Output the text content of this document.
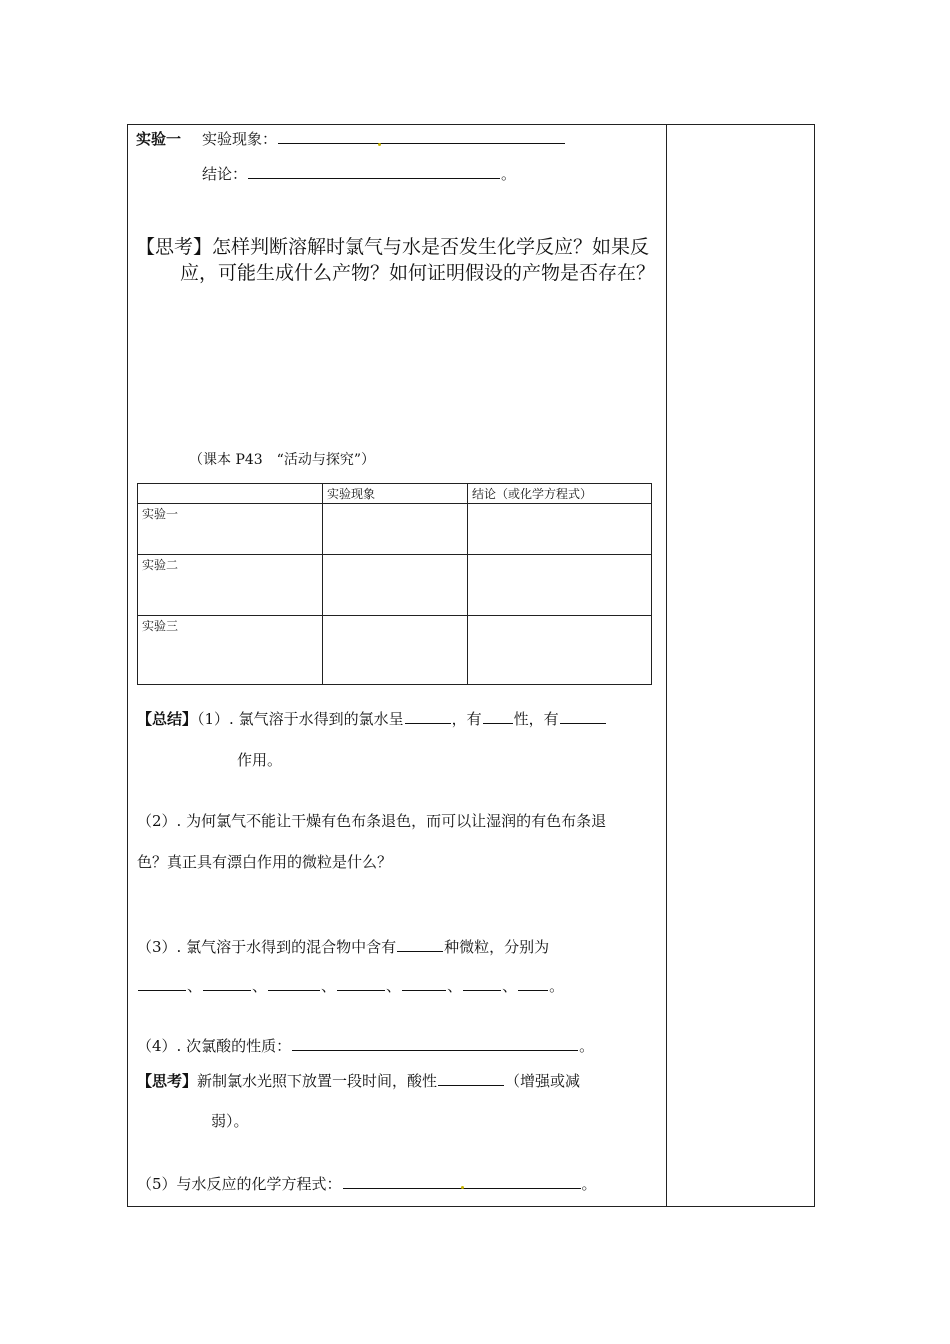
实验一 实验现象：
结论：	。
【思考】怎样判断溶解时氯气与水是否发生化学反应？如果反
应，可能生成什么产物？如何证明假设的产物是否存在？
（课本 P43　“活动与探究”）
	实验现象	结论（或化学方程式）
实验一		
实验二		
实验三		
【总结】（1）. 氯气溶于水得到的氯水呈	，有 性，有
作用。
（2）. 为何氯气不能让干燥有色布条退色，而可以让湿润的有色布条退
色？真正具有漂白作用的微粒是什么？
（3）. 氯气溶于水得到的混合物中含有	种微粒，分别为
、	、	、	、	、	、 。
（4）. 次氯酸的性质：	。
【思考】新制氯水光照下放置一段时间，酸性	（增强或减
弱）。
（5）与水反应的化学方程式：	。
